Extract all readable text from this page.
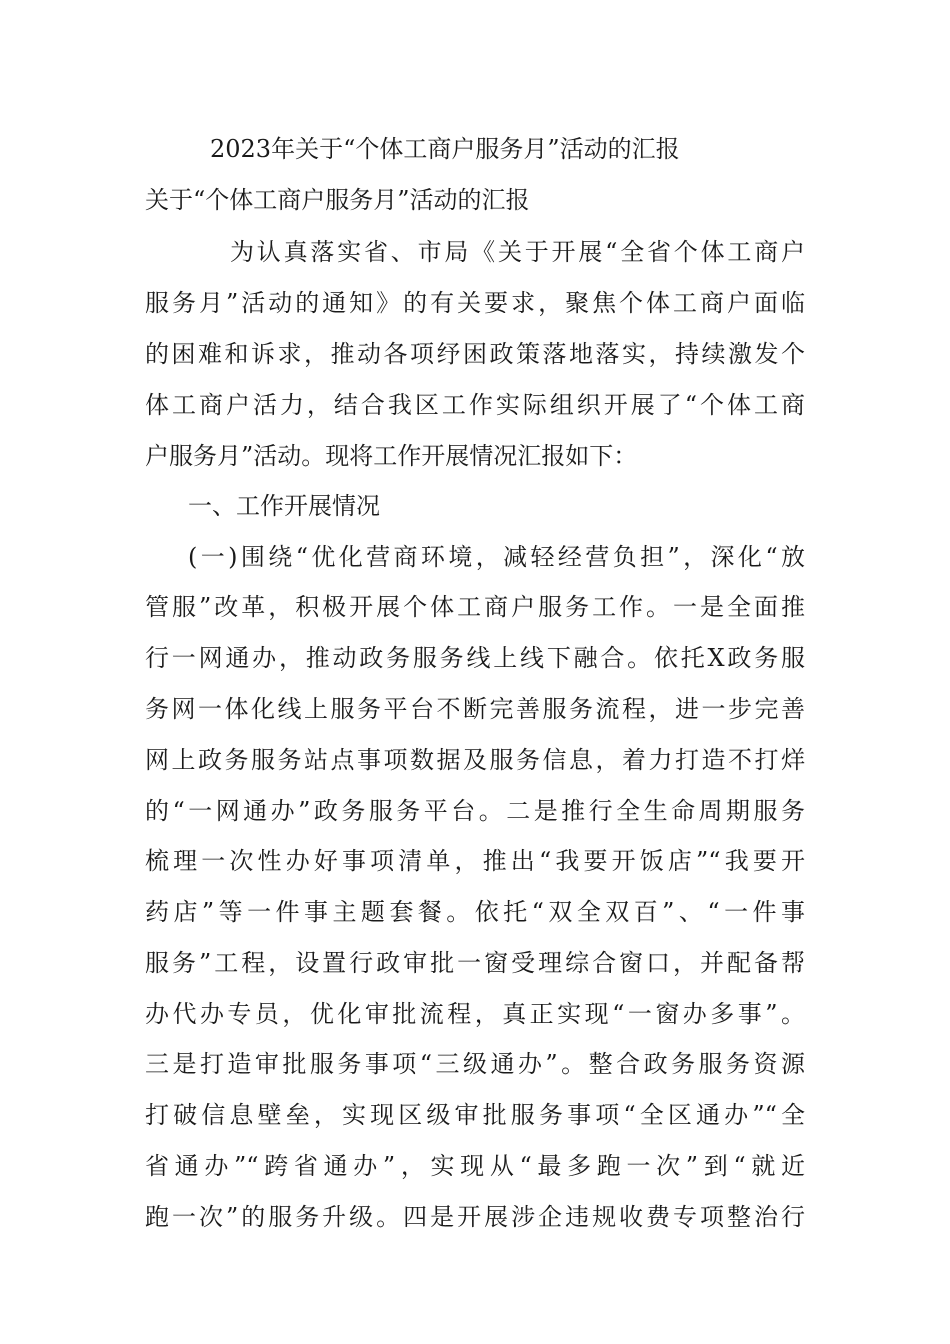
2023年关于“个体工商户服务月”活动的汇报
关于“个体工商户服务月”活动的汇报

为认真落实省、市局《关于开展“全省个体工商户

服务月”活动的通知》的有关要求，聚焦个体工商户面临

的困难和诉求，推动各项纾困政策落地落实，持续激发个

体工商户活力，结合我区工作实际组织开展了“个体工商

户服务月”活动。现将工作开展情况汇报如下：

一、工作开展情况

(一)围绕“优化营商环境，减轻经营负担”，深化“放

管服”改革，积极开展个体工商户服务工作。一是全面推

行一网通办，推动政务服务线上线下融合。依托X政务服

务网一体化线上服务平台不断完善服务流程，进一步完善

网上政务服务站点事项数据及服务信息，着力打造不打烊

的“一网通办”政务服务平台。二是推行全生命周期服务

梳理一次性办好事项清单，推出“我要开饭店”“我要开

药店”等一件事主题套餐。依托“双全双百”、“一件事

服务”工程，设置行政审批一窗受理综合窗口，并配备帮

办代办专员，优化审批流程，真正实现“一窗办多事”。

三是打造审批服务事项“三级通办”。整合政务服务资源

打破信息壁垒，实现区级审批服务事项“全区通办”“全

省通办”“跨省通办”，实现从“最多跑一次”到“就近

跑一次”的服务升级。四是开展涉企违规收费专项整治行
